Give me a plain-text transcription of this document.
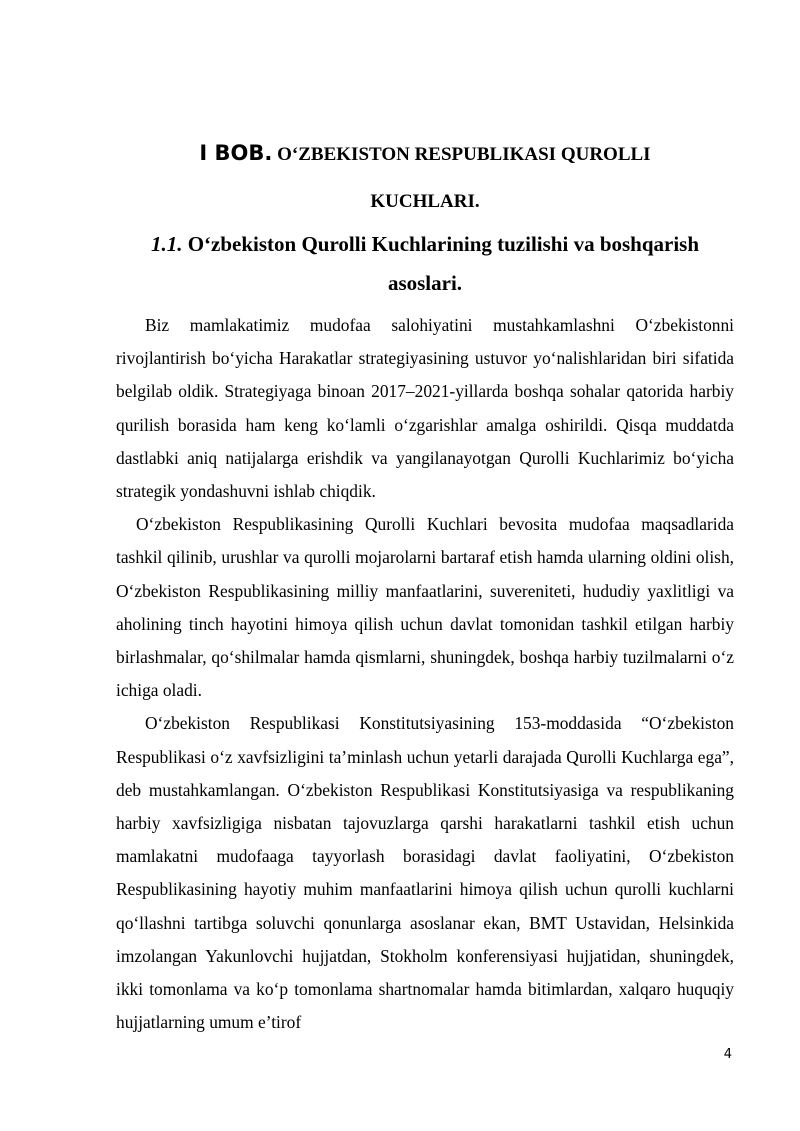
I BOB. O‘ZBEKISTON RESPUBLIKASI QUROLLI KUCHLARI.
1.1. O‘zbekiston Qurolli Kuchlarining tuzilishi va boshqarish asoslari.

Biz mamlakatimiz mudofaa salohiyatini mustahkamlashni O‘zbekistonni rivojlantirish bo‘yicha Harakatlar strategiyasining ustuvor yo‘nalishlaridan biri sifatida belgilab oldik. Strategiyaga binoan 2017–2021-yillarda boshqa sohalar qatorida harbiy qurilish borasida ham keng ko‘lamli o‘zgarishlar amalga oshirildi. Qisqa muddatda dastlabki aniq natijalarga erishdik va yangilanayotgan Qurolli Kuchlarimiz bo‘yicha strategik yondashuvni ishlab chiqdik.

O‘zbekiston Respublikasining Qurolli Kuchlari bevosita mudofaa maqsadlarida tashkil qilinib, urushlar va qurolli mojarolarni bartaraf etish hamda ularning oldini olish, O‘zbekiston Respublikasining milliy manfaatlarini, suvereniteti, hududiy yaxlitligi va aholining tinch hayotini himoya qilish uchun davlat tomonidan tashkil etilgan harbiy birlashmalar, qo‘shilmalar hamda qismlarni, shuningdek, boshqa harbiy tuzilmalarni o‘z ichiga oladi.

O‘zbekiston Respublikasi Konstitutsiyasining 153-moddasida “O‘zbekiston Respublikasi o‘z xavfsizligini ta’minlash uchun yetarli darajada Qurolli Kuchlarga ega”, deb mustahkamlangan. O‘zbekiston Respublikasi Konstitutsiyasiga va respublikaning harbiy xavfsizligiga nisbatan tajovuzlarga qarshi harakatlarni tashkil etish uchun mamlakatni mudofaaga tayyorlash borasidagi davlat faoliyatini, O‘zbekiston Respublikasining hayotiy muhim manfaatlarini himoya qilish uchun qurolli kuchlarni qo‘llashni tartibga soluvchi qonunlarga asoslanar ekan, BMT Ustavidan, Helsinkida imzolangan Yakunlovchi hujjatdan, Stokholm konferensiyasi hujjatidan, shuningdek, ikki tomonlama va ko‘p tomonlama shartnomalar hamda bitimlardan, xalqaro huquqiy hujjatlarning umum e’tirof

4
